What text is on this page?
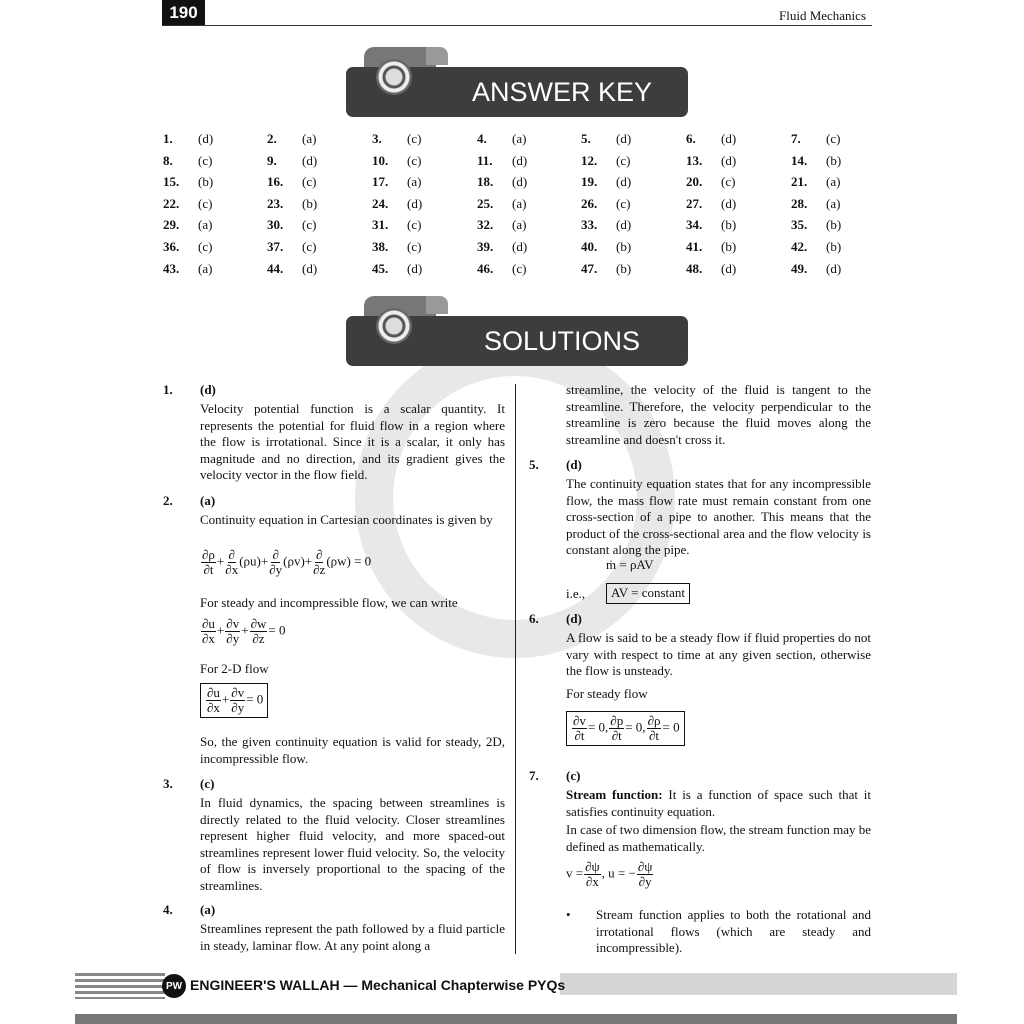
190	Fluid Mechanics
ANSWER KEY
1. (d)	2. (a)	3. (c)	4. (a)	5. (d)	6. (d)	7. (c)
8. (c)	9. (d)	10. (c)	11. (d)	12. (c)	13. (d)	14. (b)
15. (b)	16. (c)	17. (a)	18. (d)	19. (d)	20. (c)	21. (a)
22. (c)	23. (b)	24. (d)	25. (a)	26. (c)	27. (d)	28. (a)
29. (a)	30. (c)	31. (c)	32. (a)	33. (d)	34. (b)	35. (b)
36. (c)	37. (c)	38. (c)	39. (d)	40. (b)	41. (b)	42. (b)
43. (a)	44. (d)	45. (d)	46. (c)	47. (b)	48. (d)	49. (d)
SOLUTIONS
1. (d)
Velocity potential function is a scalar quantity. It represents the potential for fluid flow in a region where the flow is irrotational. Since it is a scalar, it only has magnitude and no direction, and its gradient gives the velocity vector in the flow field.
2. (a)
Continuity equation in Cartesian coordinates is given by
$\frac{\partial\rho}{\partial t} + \frac{\partial}{\partial x} (\rho u)+ \frac{\partial}{\partial y} (\rho v)+ \frac{\partial}{\partial z} (\rho w) = 0$
For steady and incompressible flow, we can write
$\frac{\partial u}{\partial x} + \frac{\partial v}{\partial y} + \frac{\partial w}{\partial z} = 0$
For 2-D flow
$\frac{\partial u}{\partial x} + \frac{\partial v}{\partial y} = 0$
So, the given continuity equation is valid for steady, 2D, incompressible flow.
3. (c)
In fluid dynamics, the spacing between streamlines is directly related to the fluid velocity. Closer streamlines represent higher fluid velocity, and more spaced-out streamlines represent lower fluid velocity. So, the velocity of flow is inversely proportional to the spacing of the streamlines.
4. (a)
Streamlines represent the path followed by a fluid particle in steady, laminar flow. At any point along a
streamline, the velocity of the fluid is tangent to the streamline. Therefore, the velocity perpendicular to the streamline is zero because the fluid moves along the streamline and doesn't cross it.
5. (d)
The continuity equation states that for any incompressible flow, the mass flow rate must remain constant from one cross-section of a pipe to another. This means that the product of the cross-sectional area and the flow velocity is constant along the pipe.
ṁ = ρAV
i.e.,	AV = constant
6. (d)
A flow is said to be a steady flow if fluid properties do not vary with respect to time at any given section, otherwise the flow is unsteady.
For steady flow
$\frac{\partial v}{\partial t} = 0$, $\frac{\partial p}{\partial t} = 0$, $\frac{\partial\rho}{\partial t} = 0$
7. (c)
Stream function: It is a function of space such that it satisfies continuity equation.
In case of two dimension flow, the stream function may be defined as mathematically.
$v = \frac{\partial\psi}{\partial x}$ , u = − $\frac{\partial\psi}{\partial y}$
• Stream function applies to both the rotational and irrotational flows (which are steady and incompressible).
PW ENGINEER'S WALLAH — Mechanical Chapterwise PYQs
